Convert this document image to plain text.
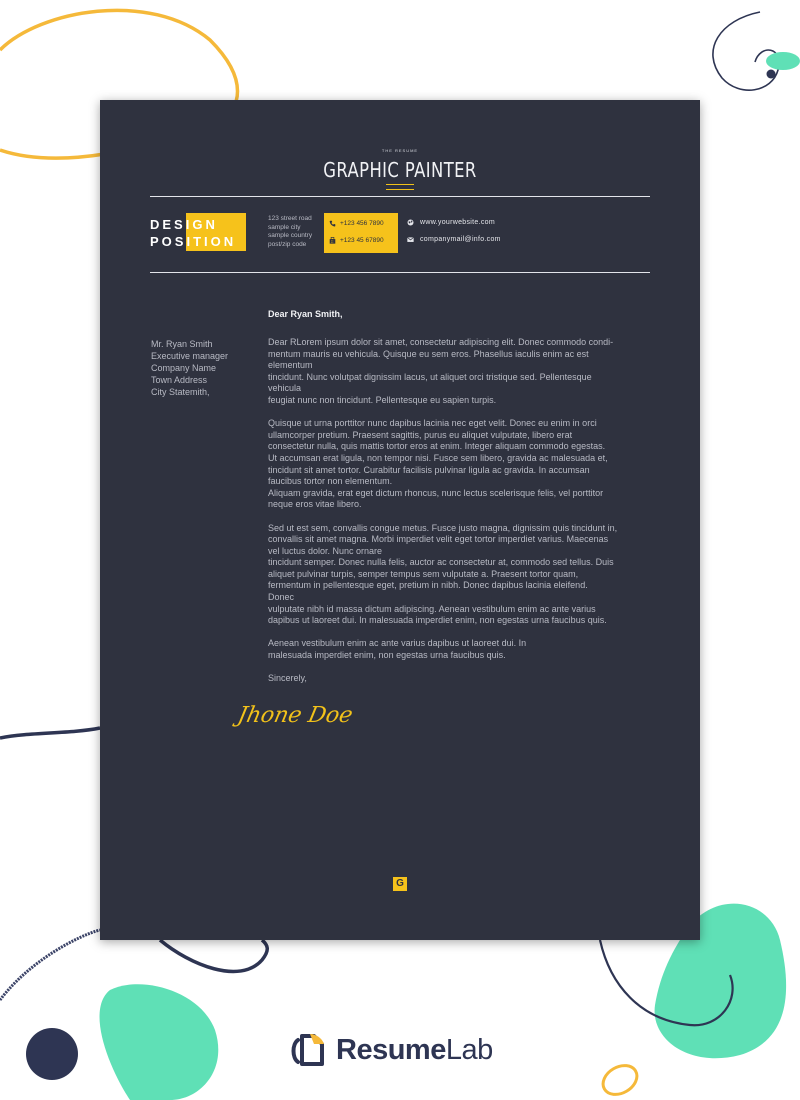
THE RESUME
GRAPHIC PAINTER
DESIGN
POSITION
123 street road
sample city
sample country
post/zip code
+123 456 7890
+123 45 67890
www.yourwebsite.com
companymail@info.com
Mr. Ryan Smith
Executive manager
Company Name
Town Address
City Statemith,
Dear Ryan Smith,

Dear RLorem ipsum dolor sit amet, consectetur adipiscing elit. Donec commodo condi-
mentum mauris eu vehicula. Quisque eu sem eros. Phasellus iaculis enim ac est
elementum
tincidunt. Nunc volutpat dignissim lacus, ut aliquet orci tristique sed. Pellentesque
vehicula
feugiat nunc non tincidunt. Pellentesque eu sapien turpis.

Quisque ut urna porttitor nunc dapibus lacinia nec eget velit. Donec eu enim in orci
ullamcorper pretium. Praesent sagittis, purus eu aliquet vulputate, libero erat
consectetur nulla, quis mattis tortor eros at enim. Integer aliquam commodo egestas.
Ut accumsan erat ligula, non tempor nisi. Fusce sem libero, gravida ac malesuada et,
tincidunt sit amet tortor. Curabitur facilisis pulvinar ligula ac gravida. In accumsan
faucibus tortor non elementum.
Aliquam gravida, erat eget dictum rhoncus, nunc lectus scelerisque felis, vel porttitor
neque eros vitae libero.

Sed ut est sem, convallis congue metus. Fusce justo magna, dignissim quis tincidunt in,
convallis sit amet magna. Morbi imperdiet velit eget tortor imperdiet varius. Maecenas
vel luctus dolor. Nunc ornare
tincidunt semper. Donec nulla felis, auctor ac consectetur at, commodo sed tellus. Duis
aliquet pulvinar turpis, semper tempus sem vulputate a. Praesent tortor quam,
fermentum in pellentesque eget, pretium in nibh. Donec dapibus lacinia eleifend.
Donec
vulputate nibh id massa dictum adipiscing. Aenean vestibulum enim ac ante varius
dapibus ut laoreet dui. In malesuada imperdiet enim, non egestas urna faucibus quis.

Aenean vestibulum enim ac ante varius dapibus ut laoreet dui. In
malesuada imperdiet enim, non egestas urna faucibus quis.

Sincerely,

Jhone Doe
G
ResumeLab
